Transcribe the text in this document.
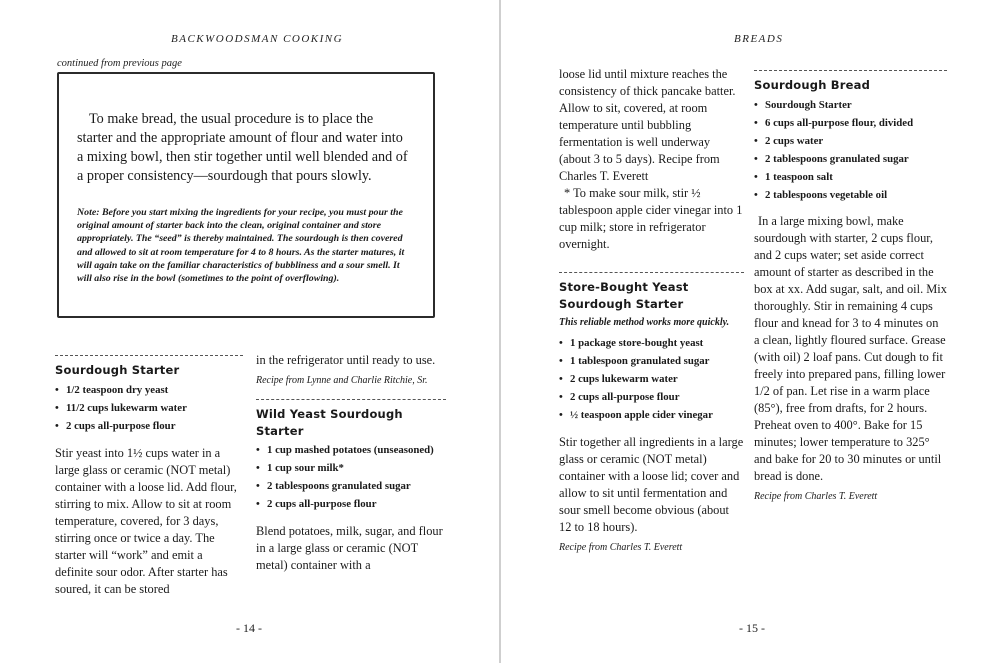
BACKWOODSMAN COOKING
continued from previous page

To make bread, the usual procedure is to place the starter and the appropriate amount of flour and water into a mixing bowl, then stir together until well blended and of a proper consistency—sourdough that pours slowly.

Note: Before you start mixing the ingredients for your recipe, you must pour the original amount of starter back into the clean, original container and store appropriately. The “seed” is thereby maintained. The sourdough is then covered and allowed to sit at room temperature for 4 to 8 hours. As the starter matures, it will again take on the familiar characteristics of bubbliness and a sour smell. It will also rise in the bowl (sometimes to the point of overflowing).

Sourdough Starter
• 1/2 teaspoon dry yeast
• 11/2 cups lukewarm water
• 2 cups all-purpose flour

Stir yeast into 1½ cups water in a large glass or ceramic (NOT metal) container with a loose lid. Add flour, stirring to mix. Allow to sit at room temperature, covered, for 3 days, stirring once or twice a day. The starter will “work” and emit a definite sour odor. After starter has soured, it can be stored

in the refrigerator until ready to use.

Recipe from Lynne and Charlie Ritchie, Sr.

Wild Yeast Sourdough Starter
• 1 cup mashed potatoes (unseasoned)
• 1 cup sour milk*
• 2 tablespoons granulated sugar
• 2 cups all-purpose flour

Blend potatoes, milk, sugar, and flour in a large glass or ceramic (NOT metal) container with a

- 14 -
BREADS

loose lid until mixture reaches the consistency of thick pancake batter. Allow to sit, covered, at room temperature until bubbling fermentation is well underway (about 3 to 5 days). Recipe from Charles T. Everett

* To make sour milk, stir ½ tablespoon apple cider vinegar into 1 cup milk; store in refrigerator overnight.

Store-Bought Yeast Sourdough Starter

This reliable method works more quickly.

• 1 package store-bought yeast
• 1 tablespoon granulated sugar
• 2 cups lukewarm water
• 2 cups all-purpose flour
• ½ teaspoon apple cider vinegar

Stir together all ingredients in a large glass or ceramic (NOT metal) container with a loose lid; cover and allow to sit until fermentation and sour smell become obvious (about 12 to 18 hours).

Recipe from Charles T. Everett

Sourdough Bread
• Sourdough Starter
• 6 cups all-purpose flour, divided
• 2 cups water
• 2 tablespoons granulated sugar
• 1 teaspoon salt
• 2 tablespoons vegetable oil

In a large mixing bowl, make sourdough with starter, 2 cups flour, and 2 cups water; set aside correct amount of starter as described in the box at xx. Add sugar, salt, and oil. Mix thoroughly. Stir in remaining 4 cups flour and knead for 3 to 4 minutes on a clean, lightly floured surface. Grease (with oil) 2 loaf pans. Cut dough to fit freely into prepared pans, filling lower 1/2 of pan. Let rise in a warm place (85°), free from drafts, for 2 hours. Preheat oven to 400°. Bake for 15 minutes; lower temperature to 325° and bake for 20 to 30 minutes or until bread is done.

Recipe from Charles T. Everett

- 15 -
